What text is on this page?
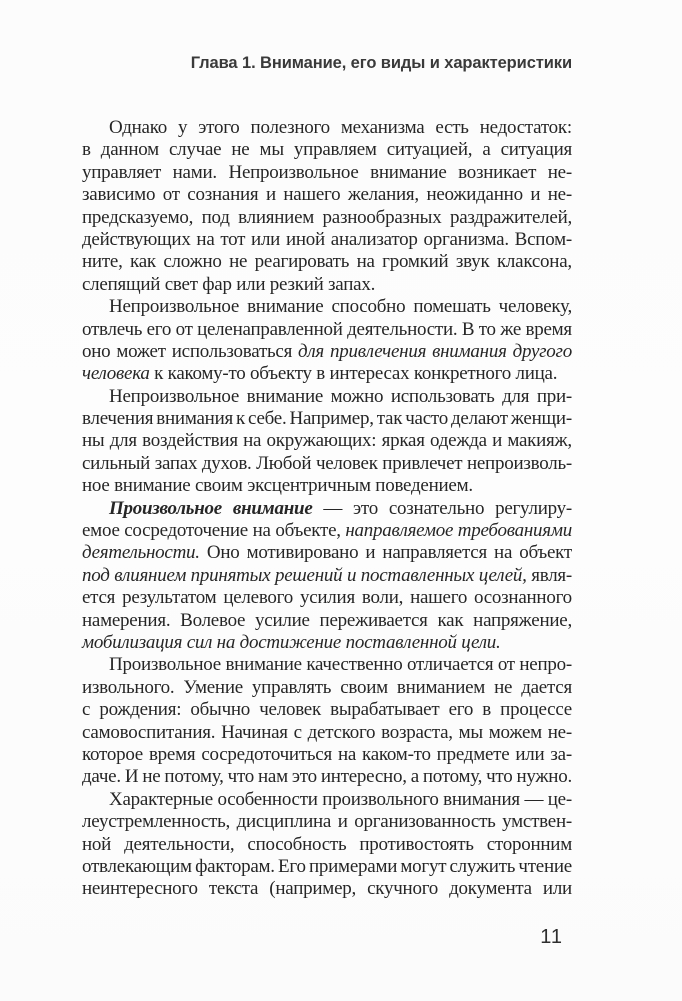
Глава 1. Внимание, его виды и характеристики
Однако у этого полезного механизма есть недостаток:
в данном случае не мы управляем ситуацией, а ситуация
управляет нами. Непроизвольное внимание возникает не-
зависимо от сознания и нашего желания, неожиданно и не-
предсказуемо, под влиянием разнообразных раздражителей,
действующих на тот или иной анализатор организма. Вспом-
ните, как сложно не реагировать на громкий звук клаксона,
слепящий свет фар или резкий запах.
Непроизвольное внимание способно помешать человеку,
отвлечь его от целенаправленной деятельности. В то же время
оно может использоваться для привлечения внимания другого
человека к какому-то объекту в интересах конкретного лица.
Непроизвольное внимание можно использовать для при-
влечения внимания к себе. Например, так часто делают женщи-
ны для воздействия на окружающих: яркая одежда и макияж,
сильный запах духов. Любой человек привлечет непроизволь-
ное внимание своим эксцентричным поведением.
Произвольное внимание — это сознательно регулиру-
емое сосредоточение на объекте, направляемое требованиями
деятельности. Оно мотивировано и направляется на объект
под влиянием принятых решений и поставленных целей, явля-
ется результатом целевого усилия воли, нашего осознанного
намерения. Волевое усилие переживается как напряжение,
мобилизация сил на достижение поставленной цели.
Произвольное внимание качественно отличается от непро-
извольного. Умение управлять своим вниманием не дается
с рождения: обычно человек вырабатывает его в процессе
самовоспитания. Начиная с детского возраста, мы можем не-
которое время сосредоточиться на каком-то предмете или за-
даче. И не потому, что нам это интересно, а потому, что нужно.
Характерные особенности произвольного внимания — це-
леустремленность, дисциплина и организованность умствен-
ной деятельности, способность противостоять сторонним
отвлекающим факторам. Его примерами могут служить чтение
неинтересного текста (например, скучного документа или
11
